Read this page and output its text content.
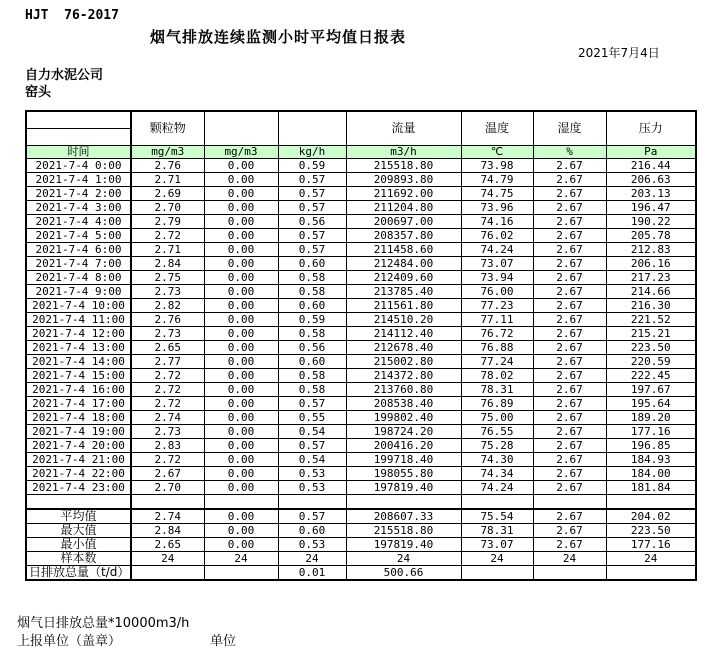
HJT  76-2017
烟气排放连续监测小时平均值日报表
2021年7月4日
自力水泥公司
窑头
	颗粒物			流量	温度	湿度	压力

时间	mg/m3	mg/m3	kg/h	m3/h	℃	%	Pa
2021-7-4 0:00	2.76	0.00	0.59	215518.80	73.98	2.67	216.44
2021-7-4 1:00	2.71	0.00	0.57	209893.80	74.79	2.67	206.63
2021-7-4 2:00	2.69	0.00	0.57	211692.00	74.75	2.67	203.13
2021-7-4 3:00	2.70	0.00	0.57	211204.80	73.96	2.67	196.47
2021-7-4 4:00	2.79	0.00	0.56	200697.00	74.16	2.67	190.22
2021-7-4 5:00	2.72	0.00	0.57	208357.80	76.02	2.67	205.78
2021-7-4 6:00	2.71	0.00	0.57	211458.60	74.24	2.67	212.83
2021-7-4 7:00	2.84	0.00	0.60	212484.00	73.07	2.67	206.16
2021-7-4 8:00	2.75	0.00	0.58	212409.60	73.94	2.67	217.23
2021-7-4 9:00	2.73	0.00	0.58	213785.40	76.00	2.67	214.66
2021-7-4 10:00	2.82	0.00	0.60	211561.80	77.23	2.67	216.30
2021-7-4 11:00	2.76	0.00	0.59	214510.20	77.11	2.67	221.52
2021-7-4 12:00	2.73	0.00	0.58	214112.40	76.72	2.67	215.21
2021-7-4 13:00	2.65	0.00	0.56	212678.40	76.88	2.67	223.50
2021-7-4 14:00	2.77	0.00	0.60	215002.80	77.24	2.67	220.59
2021-7-4 15:00	2.72	0.00	0.58	214372.80	78.02	2.67	222.45
2021-7-4 16:00	2.72	0.00	0.58	213760.80	78.31	2.67	197.67
2021-7-4 17:00	2.72	0.00	0.57	208538.40	76.89	2.67	195.64
2021-7-4 18:00	2.74	0.00	0.55	199802.40	75.00	2.67	189.20
2021-7-4 19:00	2.73	0.00	0.54	198724.20	76.55	2.67	177.16
2021-7-4 20:00	2.83	0.00	0.57	200416.20	75.28	2.67	196.85
2021-7-4 21:00	2.72	0.00	0.54	199718.40	74.30	2.67	184.93
2021-7-4 22:00	2.67	0.00	0.53	198055.80	74.34	2.67	184.00
2021-7-4 23:00	2.70	0.00	0.53	197819.40	74.24	2.67	181.84

平均值	2.74	0.00	0.57	208607.33	75.54	2.67	204.02
最大值	2.84	0.00	0.60	215518.80	78.31	2.67	223.50
最小值	2.65	0.00	0.53	197819.40	73.07	2.67	177.16
样本数	24	24	24	24	24	24	24
日排放总量（t/d）			0.01	500.66			
烟气日排放总量*10000m3/h
上报单位（盖章）	单位
